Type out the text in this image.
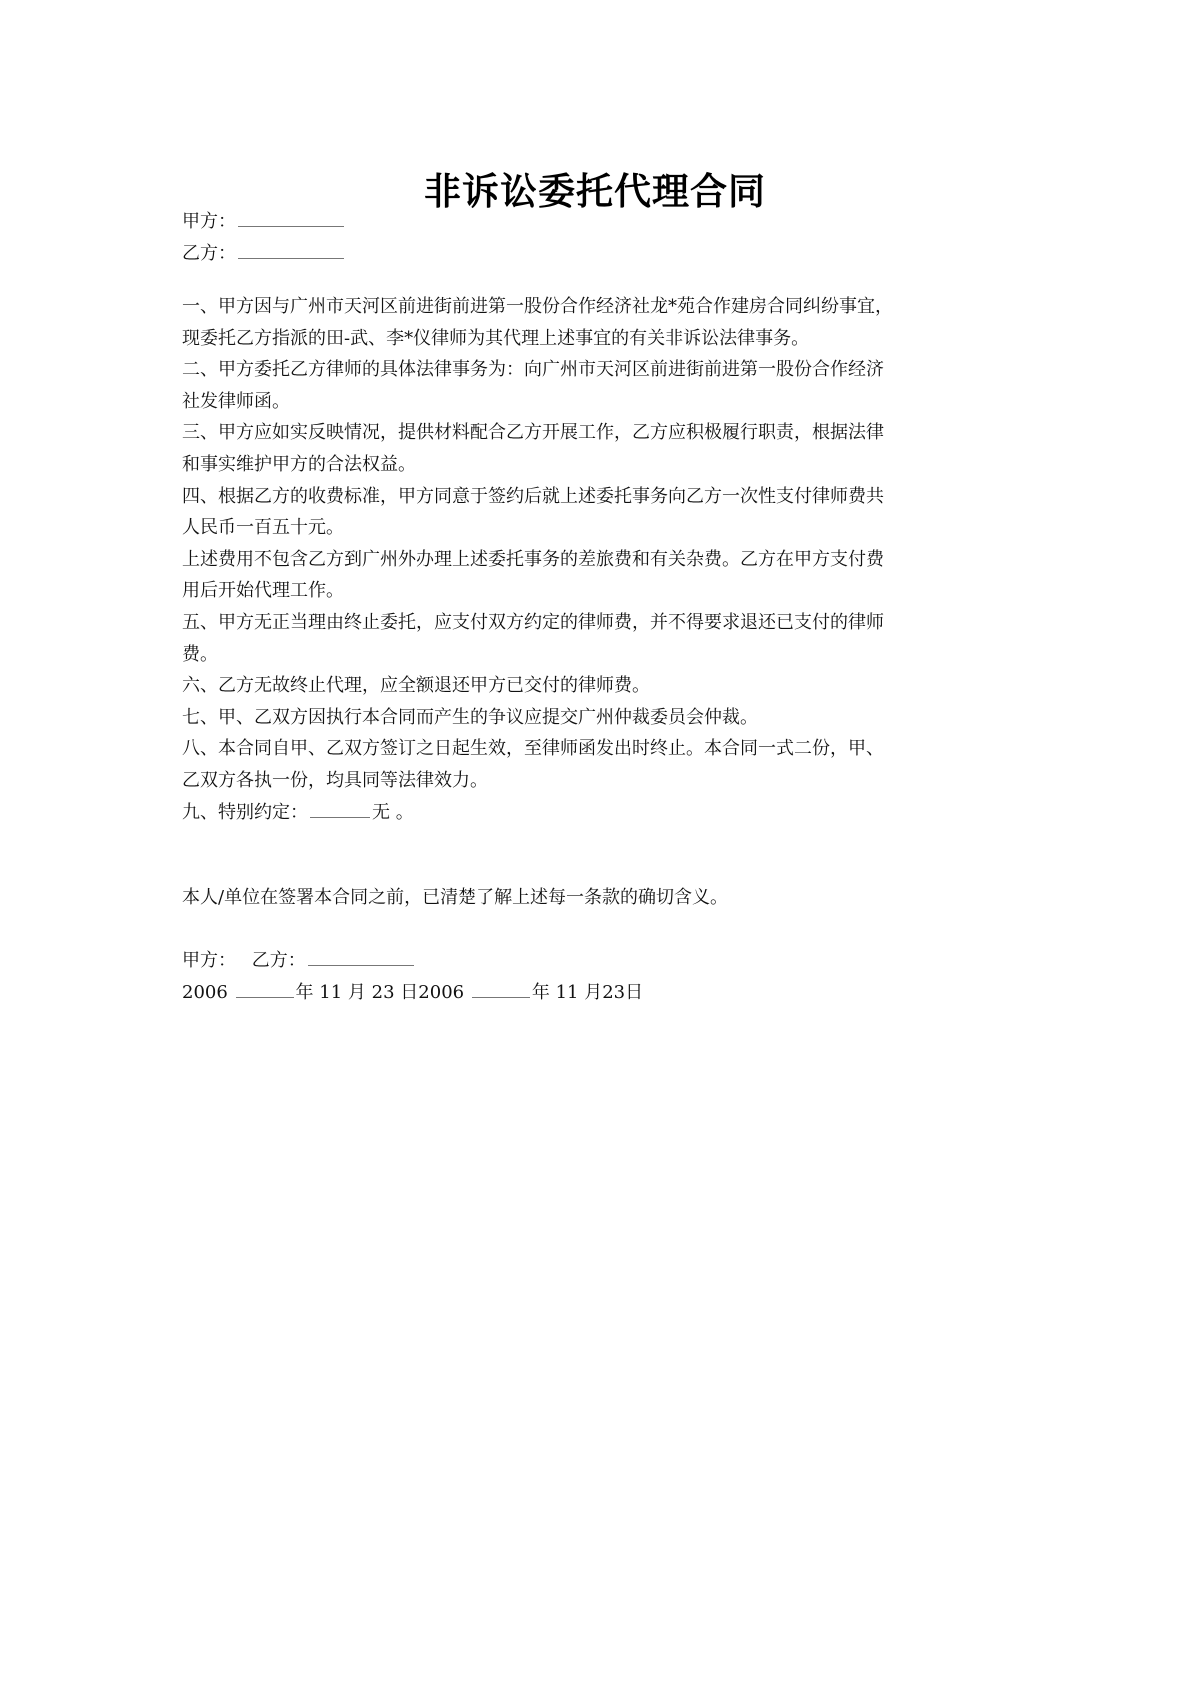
非诉讼委托代理合同
甲方：
乙方：
一、甲方因与广州市天河区前进街前进第一股份合作经济社龙*苑合作建房合同纠纷事宜，
现委托乙方指派的田-武、李*仪律师为其代理上述事宜的有关非诉讼法律事务。
二、甲方委托乙方律师的具体法律事务为：向广州市天河区前进街前进第一股份合作经济
社发律师函。
三、甲方应如实反映情况，提供材料配合乙方开展工作，乙方应积极履行职责，根据法律
和事实维护甲方的合法权益。
四、根据乙方的收费标准，甲方同意于签约后就上述委托事务向乙方一次性支付律师费共
人民币一百五十元。
上述费用不包含乙方到广州外办理上述委托事务的差旅费和有关杂费。乙方在甲方支付费
用后开始代理工作。
五、甲方无正当理由终止委托，应支付双方约定的律师费，并不得要求退还已支付的律师
费。
六、乙方无故终止代理，应全额退还甲方已交付的律师费。
七、甲、乙双方因执行本合同而产生的争议应提交广州仲裁委员会仲裁。
八、本合同自甲、乙双方签订之日起生效，至律师函发出时终止。本合同一式二份，甲、
乙双方各执一份，均具同等法律效力。
九、特别约定：	无 。
本人/单位在签署本合同之前，已清楚了解上述每一条款的确切含义。
甲方： 乙方：
2006	年 11 月 23 日2006	年 11 月23日
